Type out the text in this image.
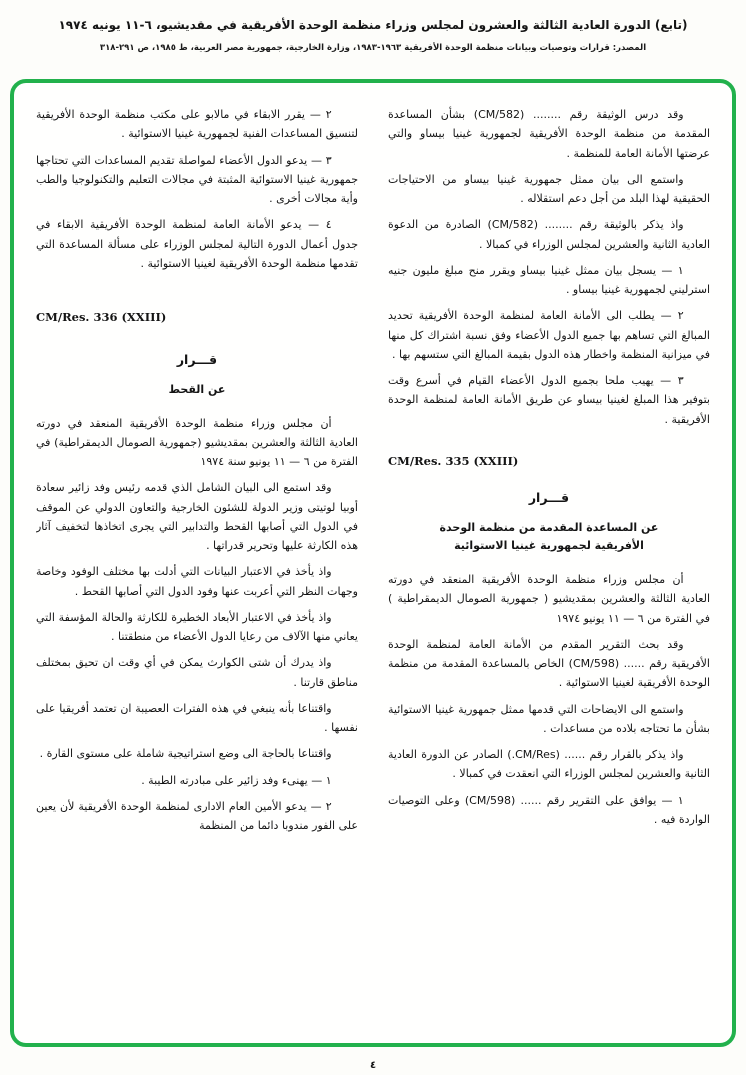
(تابع) الدورة العادية الثالثة والعشرون لمجلس وزراء منظمة الوحدة الأفريقية في مقديشيو، ٦-١١ يونيه ١٩٧٤
المصدر: قرارات وتوصيات وبيانات منظمة الوحدة الأفريقية ١٩٦٣-١٩٨٣، وزارة الخارجية، جمهورية مصر العربية، ط ١٩٨٥، ص ٢٩١-٣١٨

وقد درس الوثيقة رقم ........ (CM/582) بشأن المساعدة المقدمة من منظمة الوحدة الأفريقية لجمهورية غينيا بيساو والتي عرضتها الأمانة العامة للمنظمة .

واستمع الى بيان ممثل جمهورية غينيا بيساو من الاحتياجات الحقيقية لهذا البلد من أجل دعم استقلاله .

واذ يذكر بالوثيقة رقم ........ (CM/582) الصادرة من الدعوة العادية الثانية والعشرين لمجلس الوزراء في كمبالا .

١ — يسجل بيان ممثل غينيا بيساو ويقرر منح مبلغ مليون جنيه استرليني لجمهورية غينيا بيساو .

٢ — يطلب الى الأمانة العامة لمنظمة الوحدة الأفريقية تحديد المبالغ التي تساهم بها جميع الدول الأعضاء وفق نسبة اشتراك كل منها في ميزانية المنظمة واخطار هذه الدول بقيمة المبالغ التي ستسهم بها .

٣ — يهيب ملحا بجميع الدول الأعضاء القيام في أسرع وقت بتوفير هذا المبلغ لغينيا بيساو عن طريق الأمانة العامة لمنظمة الوحدة الأفريقية .

CM/Res. 335 (XXIII)

قـــرار

عن المساعدة المقدمة من منظمة الوحدة الأفريقية لجمهورية غينيا الاستوائية

أن مجلس وزراء منظمة الوحدة الأفريقية المنعقد في دورته العادية الثالثة والعشرين بمقديشيو ( جمهورية الصومال الديمقراطية ) في الفترة من ٦ — ١١ يونيو ١٩٧٤

وقد بحث التقرير المقدم من الأمانة العامة لمنظمة الوحدة الأفريقية رقم ...... (CM/598) الخاص بالمساعدة المقدمة من منظمة الوحدة الأفريقية لغينيا الاستوائية .

واستمع الى الايضاحات التي قدمها ممثل جمهورية غينيا الاستوائية بشأن ما تحتاجه بلاده من مساعدات .

واذ يذكر بالقرار رقم ...... (CM/Res.) الصادر عن الدورة العادية الثانية والعشرين لمجلس الوزراء التي انعقدت في كمبالا .

١ — يوافق على التقرير رقم ...... (CM/598) وعلى التوصيات الواردة فيه .

٢ — يقرر الابقاء في مالابو على مكتب منظمة الوحدة الأفريقية لتنسيق المساعدات الفنية لجمهورية غينيا الاستوائية .

٣ — يدعو الدول الأعضاء لمواصلة تقديم المساعدات التي تحتاجها جمهورية غينيا الاستوائية المثبتة في مجالات التعليم والتكنولوجيا والطب وأية مجالات أخرى .

٤ — يدعو الأمانة العامة لمنظمة الوحدة الأفريقية الابقاء في جدول أعمال الدورة التالية لمجلس الوزراء على مسألة المساعدة التي تقدمها منظمة الوحدة الأفريقية لغينيا الاستوائية .

CM/Res. 336 (XXIII)

قـــرار

عن القحط

أن مجلس وزراء منظمة الوحدة الأفريقية المنعقد في دورته العادية الثالثة والعشرين بمقديشيو (جمهورية الصومال الديمقراطية) في الفترة من ٦ — ١١ يونيو سنة ١٩٧٤

وقد استمع الى البيان الشامل الذي قدمه رئيس وفد زائير سعادة أوبيا لوتيتى وزير الدولة للشئون الخارجية والتعاون الدولي عن الموقف في الدول التي أصابها القحط والتدابير التي يجرى اتخاذها لتخفيف آثار هذه الكارثة عليها وتحرير قدراتها .

واذ يأخذ في الاعتبار البيانات التي أدلت بها مختلف الوفود وخاصة وجهات النظر التي أعربت عنها وفود الدول التي أصابها القحط .

واذ يأخذ في الاعتبار الأبعاد الخطيرة للكارثة والحالة المؤسفة التي يعاني منها الآلاف من رعايا الدول الأعضاء من منطقتنا .

واذ يدرك أن شتى الكوارث يمكن في أي وقت ان تحيق بمختلف مناطق قارتنا .

واقتناعا بأنه ينبغي في هذه الفترات العصيبة ان تعتمد أفريقيا على نفسها .

واقتناعا بالحاجة الى وضع استراتيجية شاملة على مستوى القارة .

١ — يهنىء وفد زائير على مبادرته الطيبة .

٢ — يدعو الأمين العام الادارى لمنظمة الوحدة الأفريقية لأن يعين على الفور مندوبا دائما من المنظمة

٤
